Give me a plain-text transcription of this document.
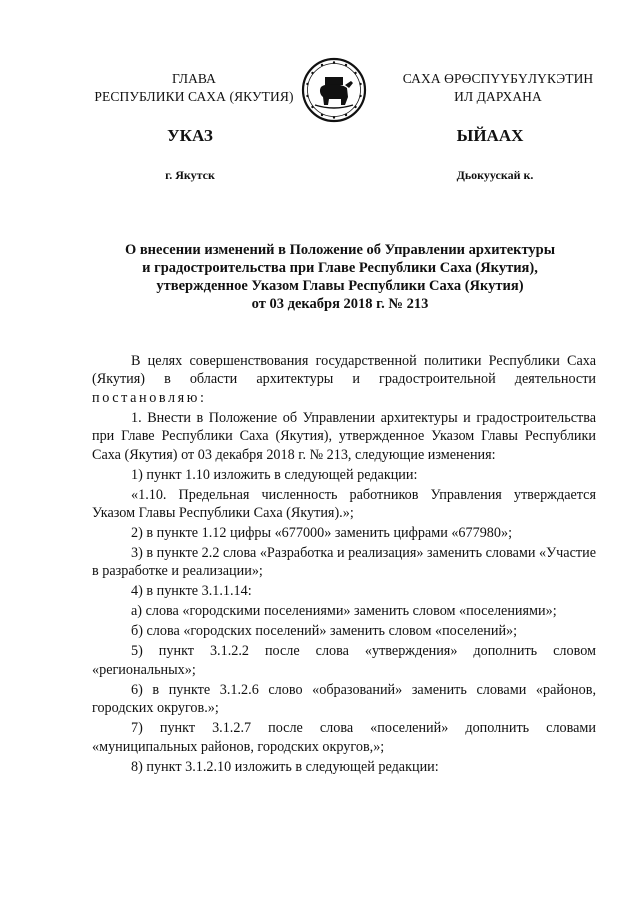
ГЛАВА
РЕСПУБЛИКИ САХА (ЯКУТИЯ)
САХА ӨРӨСПҮҮБҮЛҮКЭТИН
ИЛ ДАРХАНА
УКАЗ	ЫЙААХ
г. Якутск	Дьокуускай к.
О внесении изменений в Положение об Управлении архитектуры
и градостроительства при Главе Республики Саха (Якутия),
утвержденное Указом Главы Республики Саха (Якутия)
от 03 декабря 2018 г. № 213

В целях совершенствования государственной политики Республики Саха (Якутия) в области архитектуры и градостроительной деятельности постановляю:

1. Внести в Положение об Управлении архитектуры и градостроительства при Главе Республики Саха (Якутия), утвержденное Указом Главы Республики Саха (Якутия) от 03 декабря 2018 г. № 213, следующие изменения:

1) пункт 1.10 изложить в следующей редакции:

«1.10. Предельная численность работников Управления утверждается Указом Главы Республики Саха (Якутия).»;

2) в пункте 1.12 цифры «677000» заменить цифрами «677980»;

3) в пункте 2.2 слова «Разработка и реализация» заменить словами «Участие в разработке и реализации»;

4) в пункте 3.1.1.14:

а) слова «городскими поселениями» заменить словом «поселениями»;

б) слова «городских поселений» заменить словом «поселений»;

5) пункт 3.1.2.2 после слова «утверждения» дополнить словом «региональных»;

6) в пункте 3.1.2.6 слово «образований» заменить словами «районов, городских округов.»;

7) пункт 3.1.2.7 после слова «поселений» дополнить словами «муниципальных районов, городских округов,»;

8) пункт 3.1.2.10 изложить в следующей редакции:
